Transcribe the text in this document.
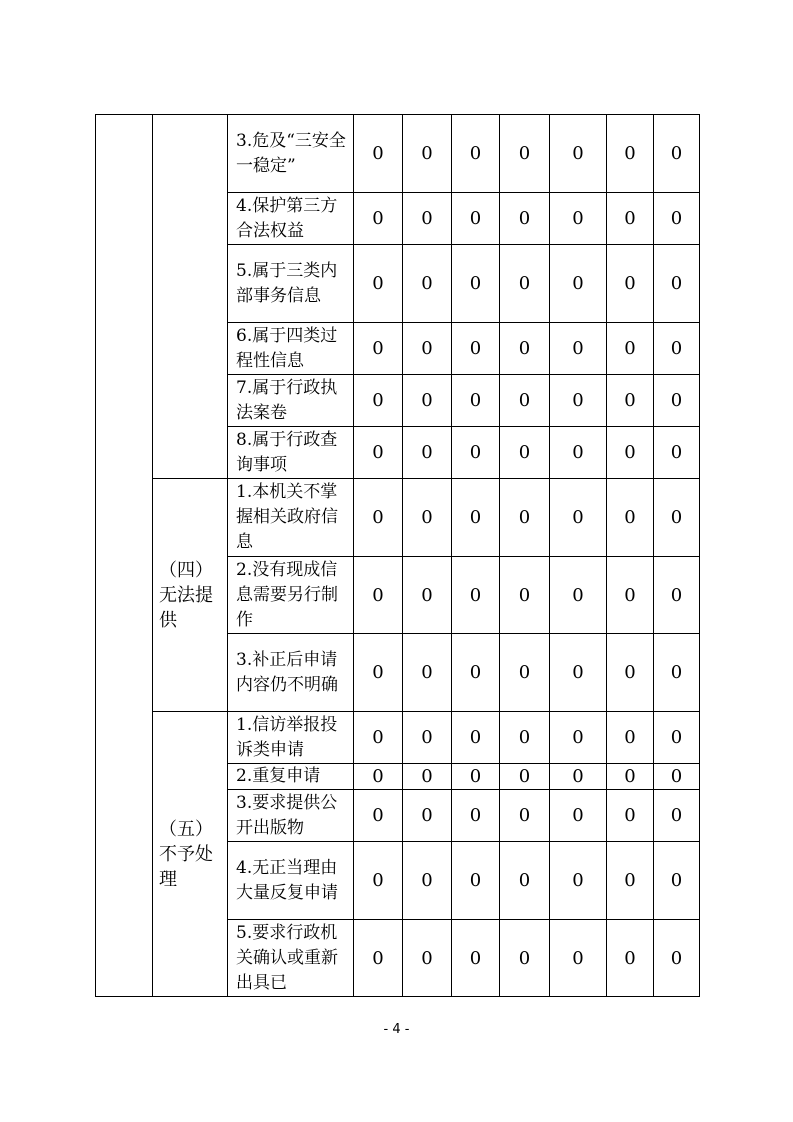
		3.危及“三安全一稳定”	0	0	0	0	0	0	0
		4.保护第三方合法权益	0	0	0	0	0	0	0
		5.属于三类内部事务信息	0	0	0	0	0	0	0
		6.属于四类过程性信息	0	0	0	0	0	0	0
		7.属于行政执法案卷	0	0	0	0	0	0	0
		8.属于行政查询事项	0	0	0	0	0	0	0
	（四）无法提供	1.本机关不掌握相关政府信息	0	0	0	0	0	0	0
		2.没有现成信息需要另行制作	0	0	0	0	0	0	0
		3.补正后申请内容仍不明确	0	0	0	0	0	0	0
	（五）不予处理	1.信访举报投诉类申请	0	0	0	0	0	0	0
		2.重复申请	0	0	0	0	0	0	0
		3.要求提供公开出版物	0	0	0	0	0	0	0
		4.无正当理由大量反复申请	0	0	0	0	0	0	0
		5.要求行政机关确认或重新出具已	0	0	0	0	0	0	0
- 4 -
